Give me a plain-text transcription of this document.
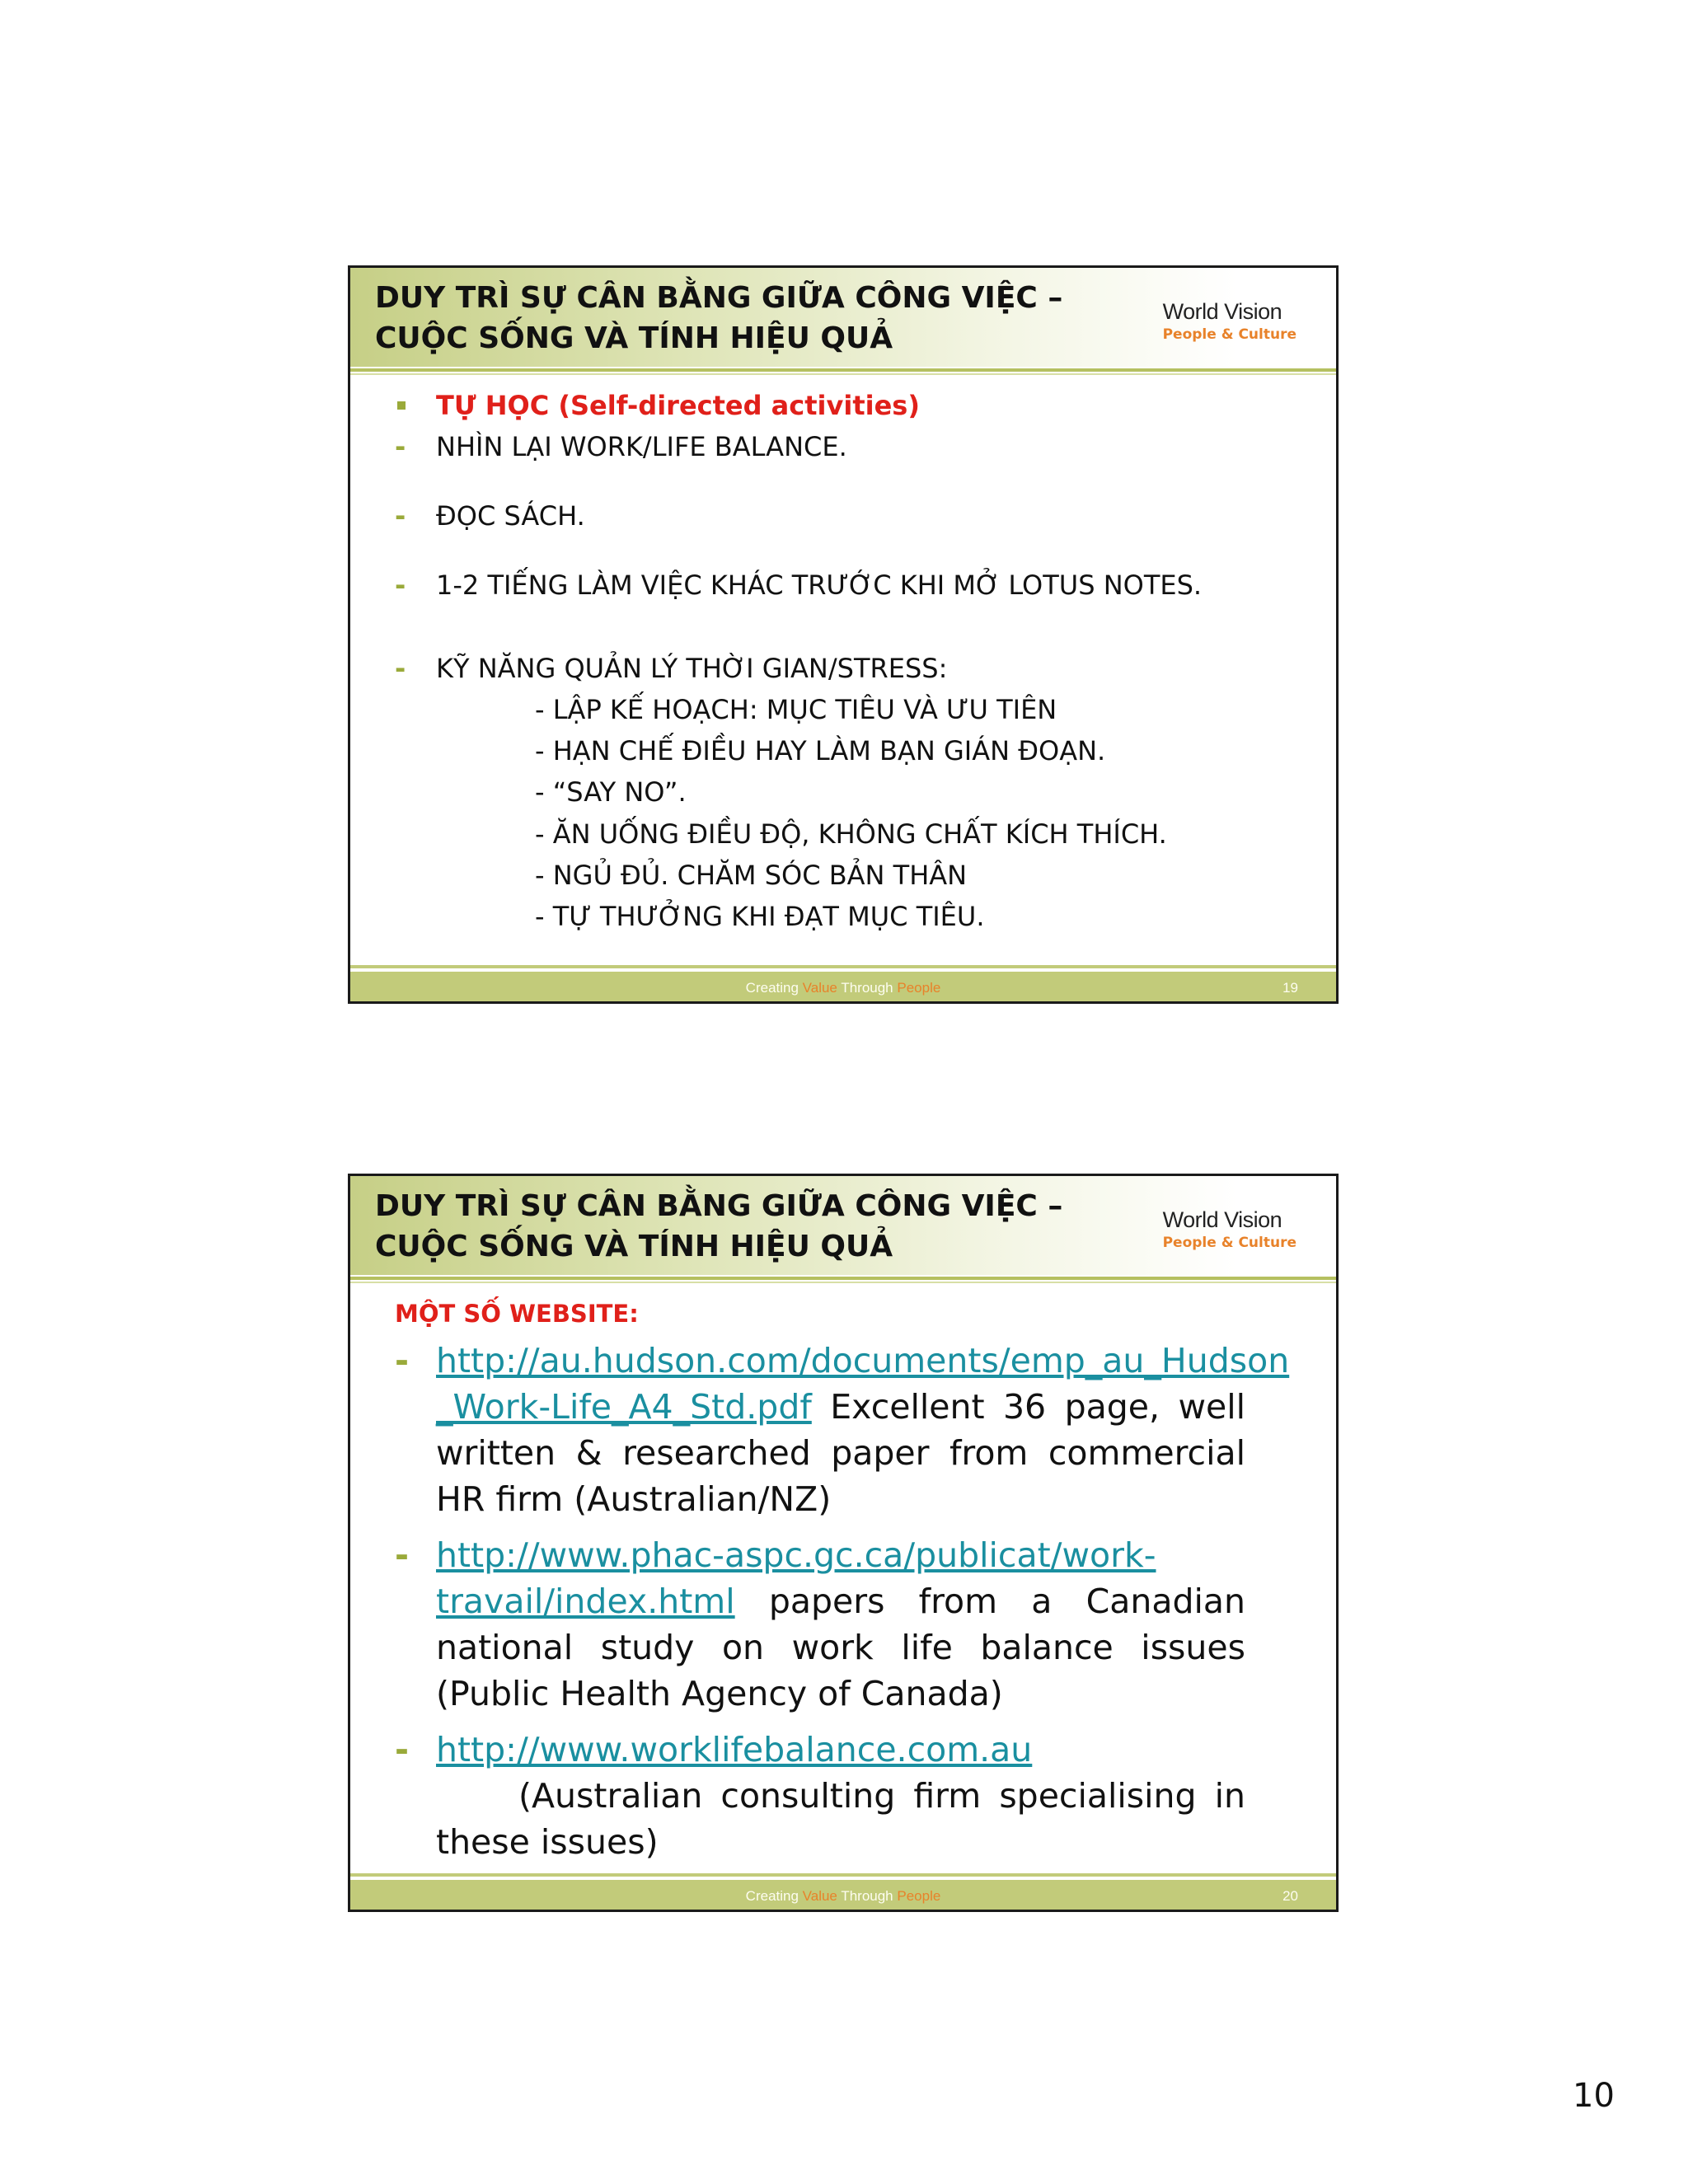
DUY TRÌ SỰ CÂN BẰNG GIỮA CÔNG VIỆC –
CUỘC SỐNG VÀ TÍNH HIỆU QUẢ
World Vision
People & Culture
TỰ HỌC (Self-directed activities)
- NHÌN LẠI WORK/LIFE BALANCE.
- ĐỌC SÁCH.
- 1-2 TIẾNG LÀM VIỆC KHÁC TRƯỚC KHI MỞ LOTUS NOTES.
- KỸ NĂNG QUẢN LÝ THỜI GIAN/STRESS:
- LẬP KẾ HOẠCH: MỤC TIÊU VÀ ƯU TIÊN
- HẠN CHẾ ĐIỀU HAY LÀM BẠN GIÁN ĐOẠN.
- “SAY NO”.
- ĂN UỐNG ĐIỀU ĐỘ, KHÔNG CHẤT KÍCH THÍCH.
- NGỦ ĐỦ. CHĂM SÓC BẢN THÂN
- TỰ THƯỞNG KHI ĐẠT MỤC TIÊU.
Creating Value Through People	19
DUY TRÌ SỰ CÂN BẰNG GIỮA CÔNG VIỆC –
CUỘC SỐNG VÀ TÍNH HIỆU QUẢ
World Vision
People & Culture
MỘT SỐ WEBSITE:
- http://au.hudson.com/documents/emp_au_Hudson
_Work-Life_A4_Std.pdf Excellent 36 page, well written & researched paper from commercial HR firm (Australian/NZ)
- http://www.phac-aspc.gc.ca/publicat/work-
travail/index.html papers from a Canadian national study on work life balance issues (Public Health Agency of Canada)
- http://www.worklifebalance.com.au (Australian consulting firm specialising in these issues)
Creating Value Through People	20
10
